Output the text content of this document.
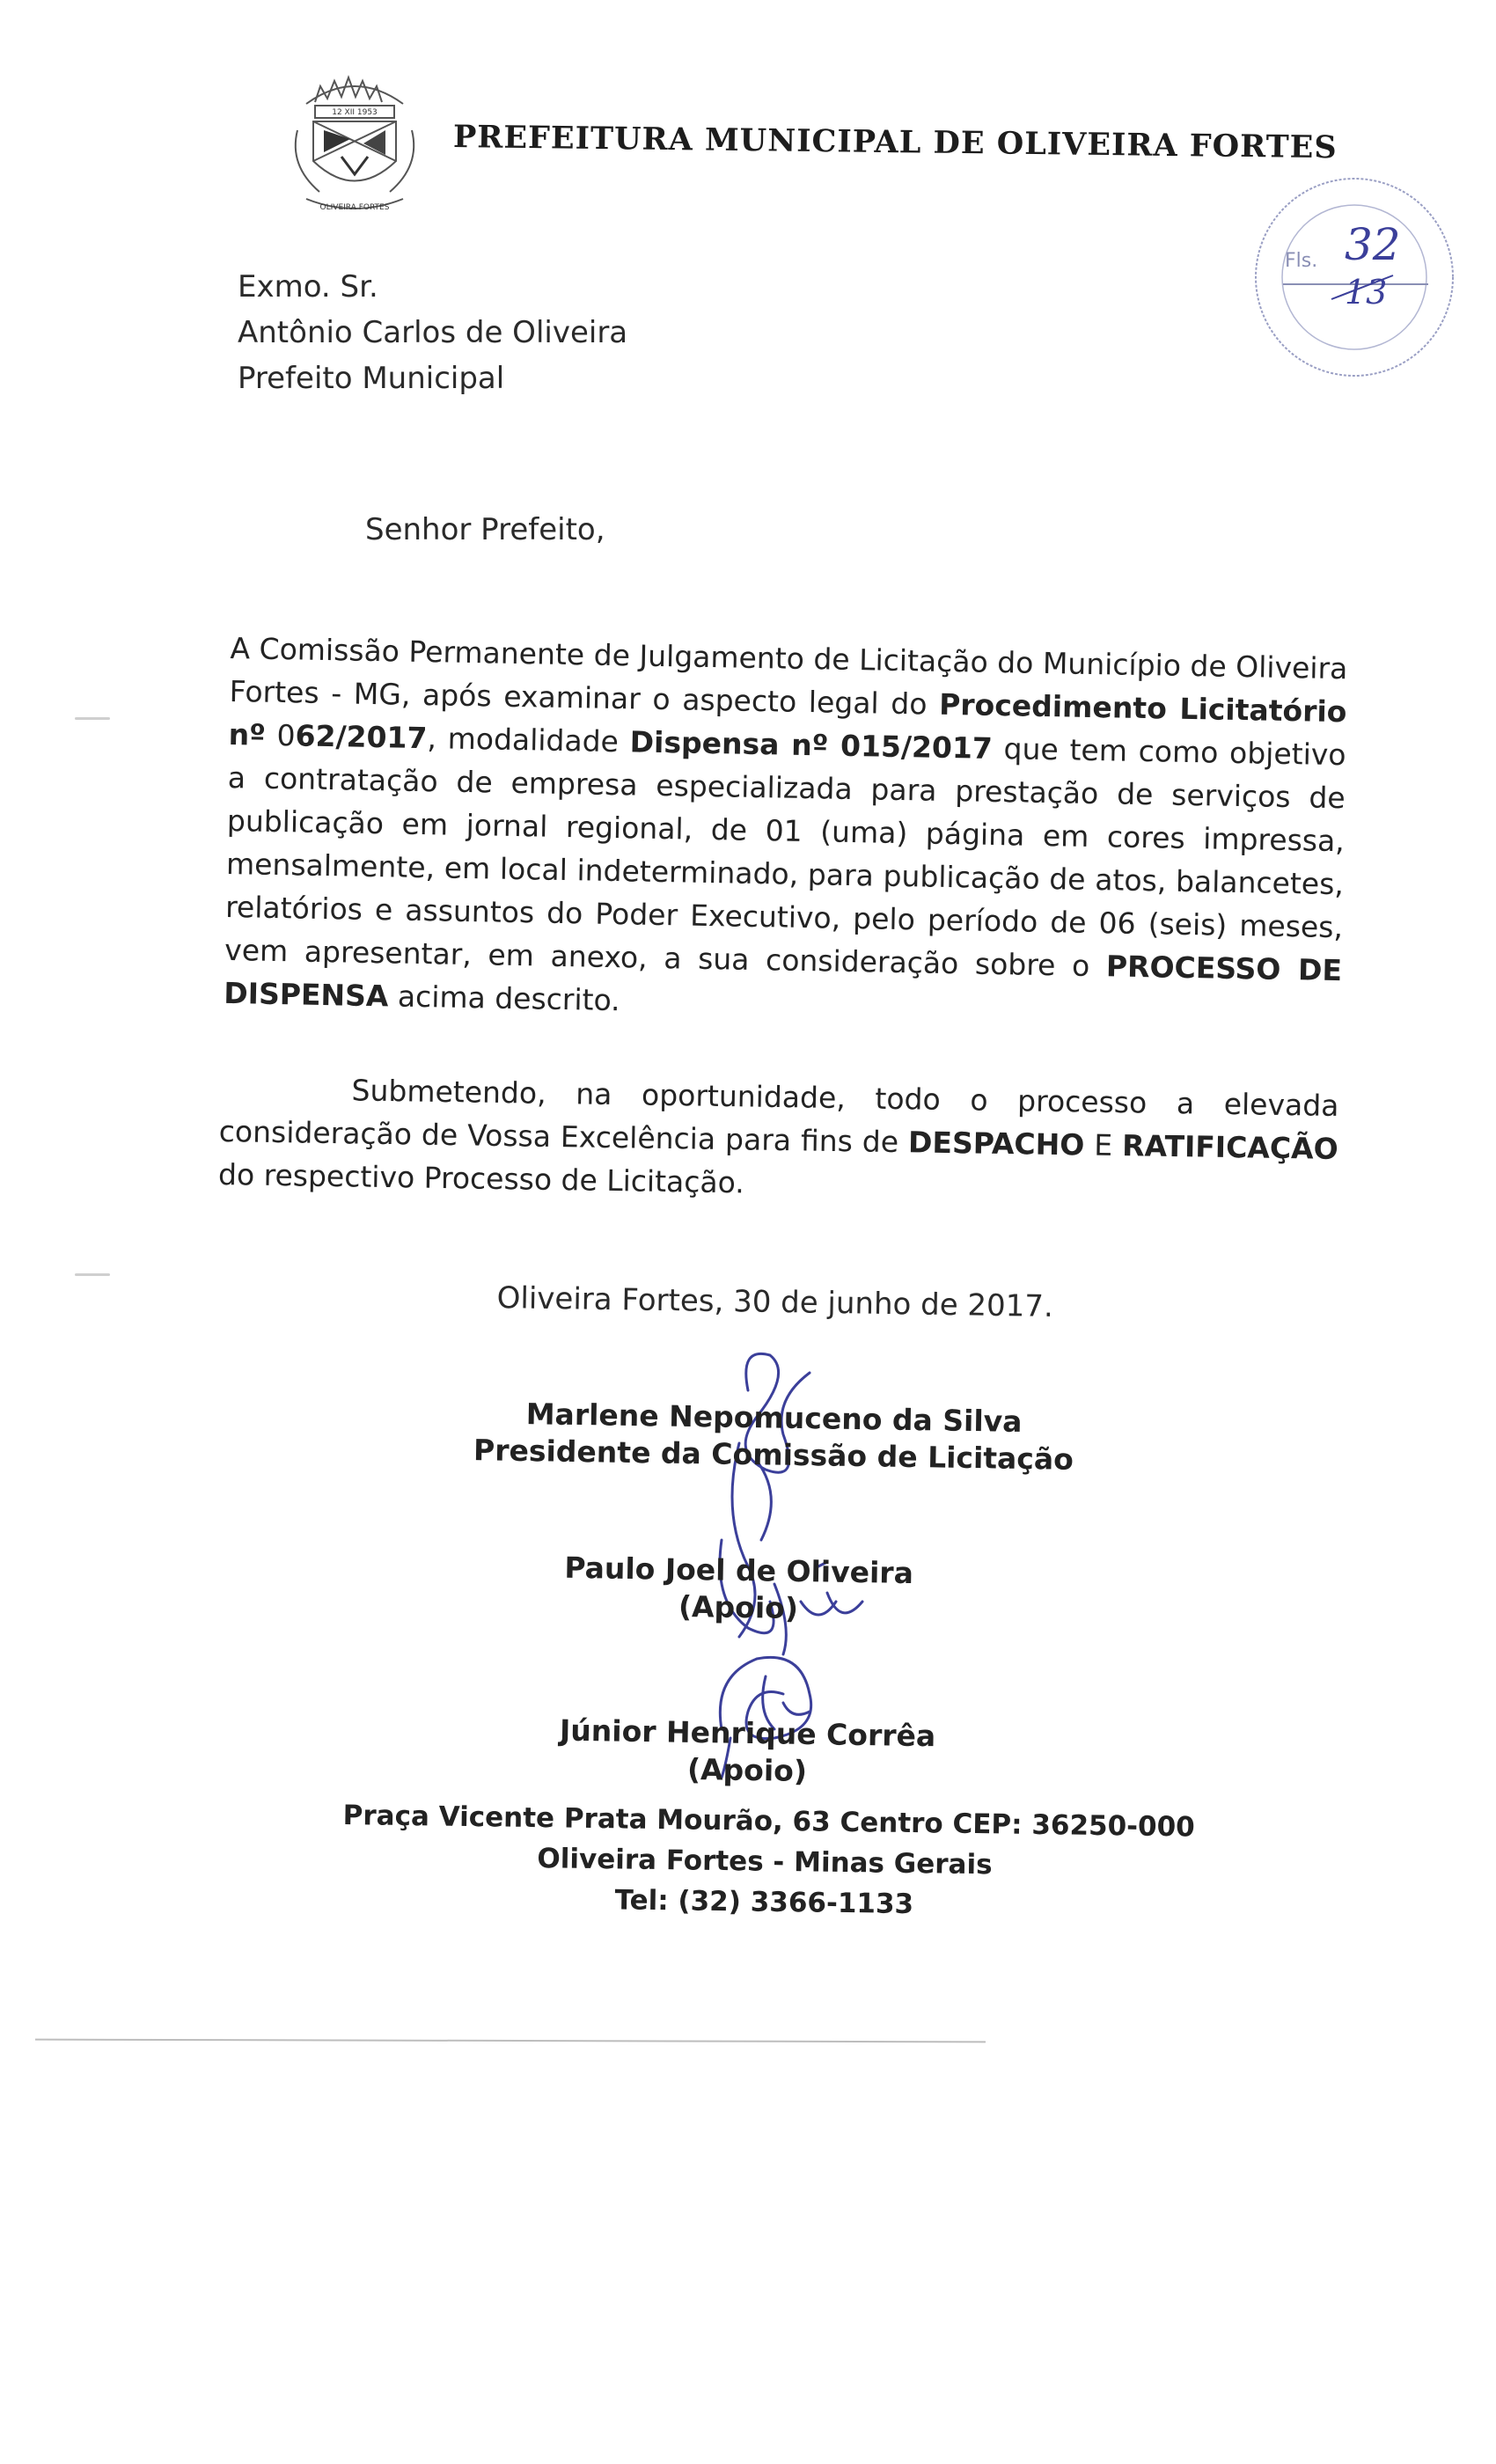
12 XII 1953
OLIVEIRA FORTES
PREFEITURA MUNICIPAL DE OLIVEIRA FORTES
Fls. 32
13
Exmo. Sr.
Antônio Carlos de Oliveira
Prefeito Municipal
Senhor Prefeito,
A Comissão Permanente de Julgamento de Licitação do Município de Oliveira Fortes - MG, após examinar o aspecto legal do Procedimento Licitatório nº 062/2017, modalidade Dispensa nº 015/2017 que tem como objetivo a contratação de empresa especializada para prestação de serviços de publicação em jornal regional, de 01 (uma) página em cores impressa, mensalmente, em local indeterminado, para publicação de atos, balancetes, relatórios e assuntos do Poder Executivo, pelo período de 06 (seis) meses, vem apresentar, em anexo, a sua consideração sobre o PROCESSO DE DISPENSA acima descrito.
Submetendo, na oportunidade, todo o processo a elevada consideração de Vossa Excelência para fins de DESPACHO E RATIFICAÇÃO do respectivo Processo de Licitação.
Oliveira Fortes, 30 de junho de 2017.
Marlene Nepomuceno da Silva
Presidente da Comissão de Licitação
Paulo Joel de Oliveira
(Apoio)
Júnior Henrique Corrêa
(Apoio)
Praça Vicente Prata Mourão, 63 Centro CEP: 36250-000
Oliveira Fortes - Minas Gerais
Tel: (32) 3366-1133
